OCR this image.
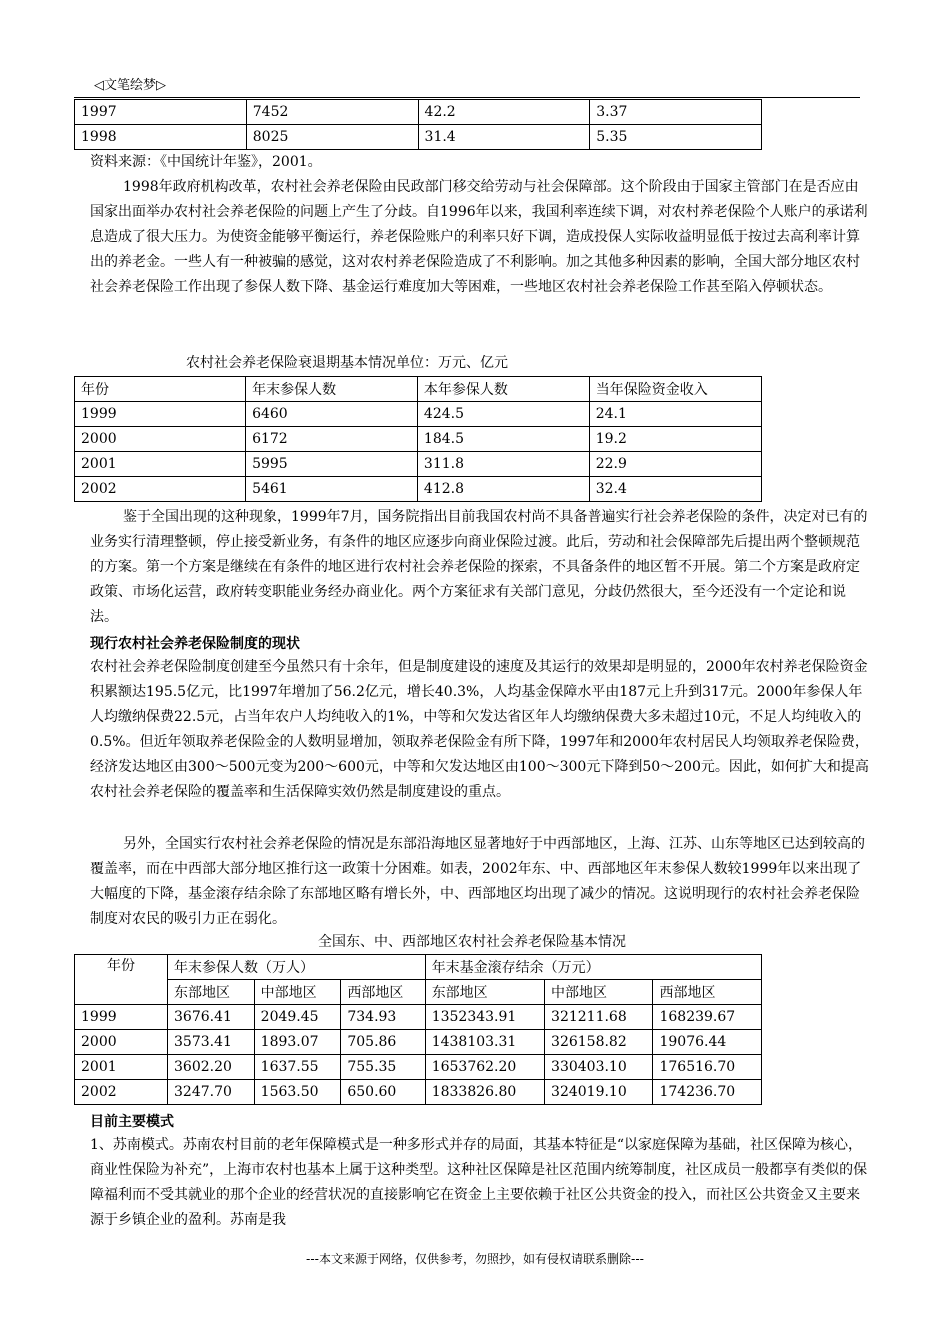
◁文笔绘梦▷
1997	7452	42.2	3.37
1998	8025	31.4	5.35
资料来源：《中国统计年鉴》，2001。
1998年政府机构改革，农村社会养老保险由民政部门移交给劳动与社会保障部。这个阶段由于国家主管部门在是否应由国家出面举办农村社会养老保险的问题上产生了分歧。自1996年以来，我国利率连续下调，对农村养老保险个人账户的承诺利息造成了很大压力。为使资金能够平衡运行，养老保险账户的利率只好下调，造成投保人实际收益明显低于按过去高利率计算出的养老金。一些人有一种被骗的感觉，这对农村养老保险造成了不利影响。加之其他多种因素的影响，全国大部分地区农村社会养老保险工作出现了参保人数下降、基金运行难度加大等困难，一些地区农村社会养老保险工作甚至陷入停顿状态。
农村社会养老保险衰退期基本情况单位：万元、亿元
年份	年末参保人数	本年参保人数	当年保险资金收入
1999	6460	424.5	24.1
2000	6172	184.5	19.2
2001	5995	311.8	22.9
2002	5461	412.8	32.4
鉴于全国出现的这种现象，1999年7月，国务院指出目前我国农村尚不具备普遍实行社会养老保险的条件，决定对已有的业务实行清理整顿，停止接受新业务，有条件的地区应逐步向商业保险过渡。此后，劳动和社会保障部先后提出两个整顿规范的方案。第一个方案是继续在有条件的地区进行农村社会养老保险的探索，不具备条件的地区暂不开展。第二个方案是政府定政策、市场化运营，政府转变职能业务经办商业化。两个方案征求有关部门意见，分歧仍然很大，至今还没有一个定论和说法。
现行农村社会养老保险制度的现状
农村社会养老保险制度创建至今虽然只有十余年，但是制度建设的速度及其运行的效果却是明显的，2000年农村养老保险资金积累额达195.5亿元，比1997年增加了56.2亿元，增长40.3%，人均基金保障水平由187元上升到317元。2000年参保人年人均缴纳保费22.5元，占当年农户人均纯收入的1%，中等和欠发达省区年人均缴纳保费大多未超过10元，不足人均纯收入的0.5%。但近年领取养老保险金的人数明显增加，领取养老保险金有所下降，1997年和2000年农村居民人均领取养老保险费，经济发达地区由300～500元变为200～600元，中等和欠发达地区由100～300元下降到50～200元。因此，如何扩大和提高农村社会养老保险的覆盖率和生活保障实效仍然是制度建设的重点。
另外，全国实行农村社会养老保险的情况是东部沿海地区显著地好于中西部地区，上海、江苏、山东等地区已达到较高的覆盖率，而在中西部大部分地区推行这一政策十分困难。如表，2002年东、中、西部地区年末参保人数较1999年以来出现了大幅度的下降，基金滚存结余除了东部地区略有增长外，中、西部地区均出现了减少的情况。这说明现行的农村社会养老保险制度对农民的吸引力正在弱化。
全国东、中、西部地区农村社会养老保险基本情况
年份	年末参保人数（万人）			年末基金滚存结余（万元）		
	东部地区	中部地区	西部地区	东部地区	中部地区	西部地区
1999	3676.41	2049.45	734.93	1352343.91	321211.68	168239.67
2000	3573.41	1893.07	705.86	1438103.31	326158.82	19076.44
2001	3602.20	1637.55	755.35	1653762.20	330403.10	176516.70
2002	3247.70	1563.50	650.60	1833826.80	324019.10	174236.70
目前主要模式
1、苏南模式。苏南农村目前的老年保障模式是一种多形式并存的局面，其基本特征是“以家庭保障为基础，社区保障为核心，商业性保险为补充”，上海市农村也基本上属于这种类型。这种社区保障是社区范围内统筹制度，社区成员一般都享有类似的保障福利而不受其就业的那个企业的经营状况的直接影响它在资金上主要依赖于社区公共资金的投入，而社区公共资金又主要来源于乡镇企业的盈利。苏南是我
---本文来源于网络，仅供参考，勿照抄，如有侵权请联系删除---
